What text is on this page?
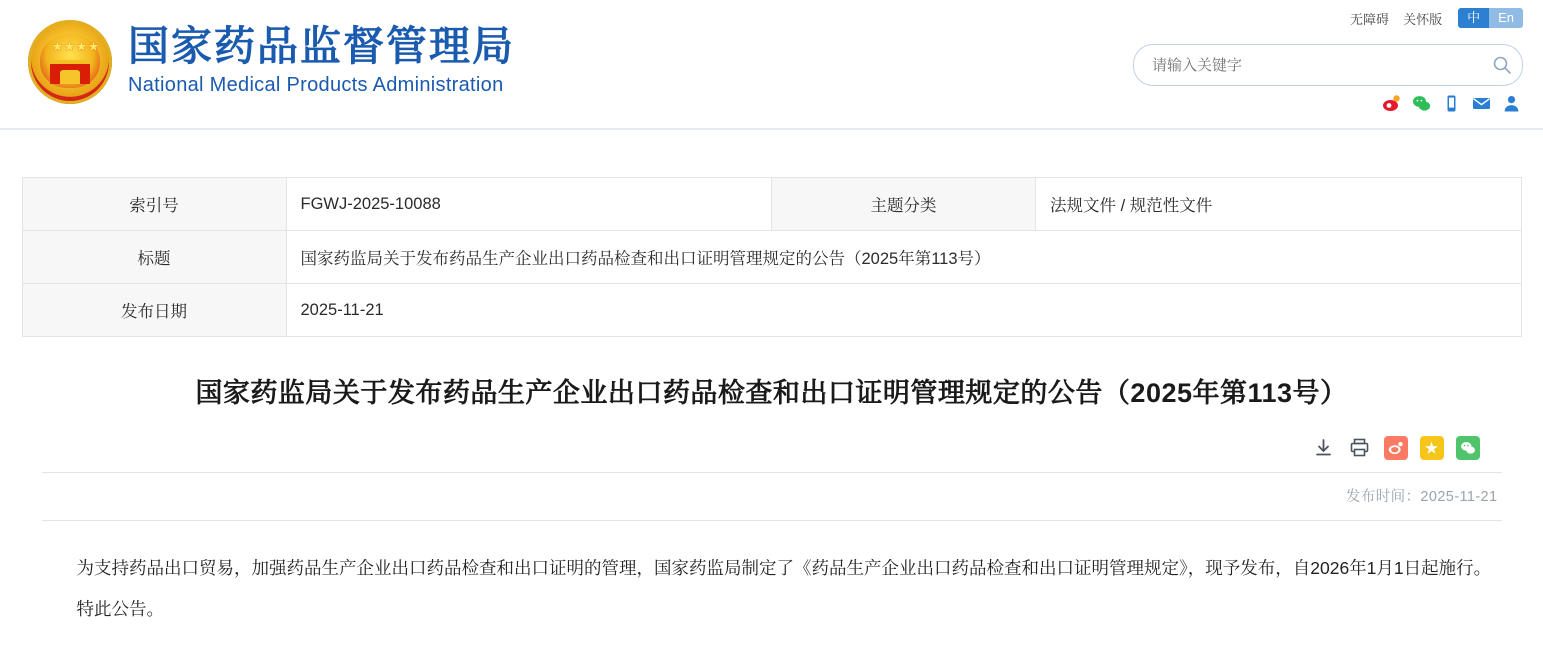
★★★★ 国家药品监督管理局
National Medical Products Administration
无障碍 关怀版	中	En
请输入关键字
索引号	FGWJ-2025-10088	主题分类	法规文件 / 规范性文件
标题	国家药监局关于发布药品生产企业出口药品检查和出口证明管理规定的公告（2025年第113号）		
发布日期	2025-11-21		
国家药监局关于发布药品生产企业出口药品检查和出口证明管理规定的公告（2025年第113号）
★
发布时间：2025-11-21

为支持药品出口贸易，加强药品生产企业出口药品检查和出口证明的管理，国家药监局制定了《药品生产企业出口药品检查和出口证明管理规定》，现予发布，自2026年1月1日起施行。

特此公告。
